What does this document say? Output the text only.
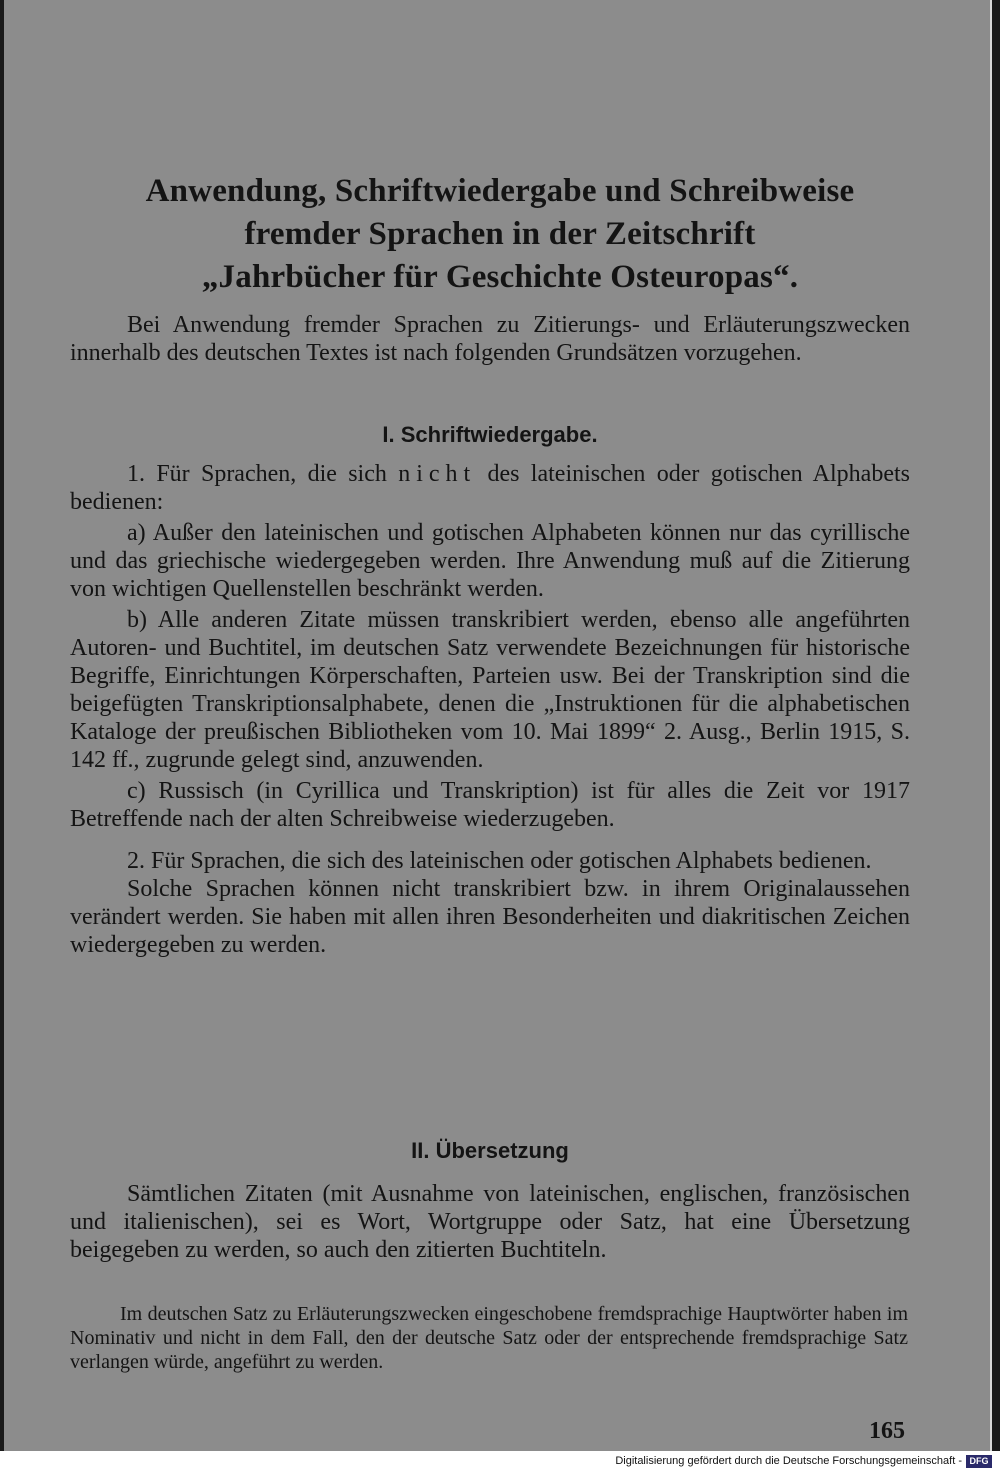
Anwendung, Schriftwiedergabe und Schreibweise
fremder Sprachen in der Zeitschrift
„Jahrbücher für Geschichte Osteuropas“.

Bei Anwendung fremder Sprachen zu Zitierungs- und Erläuterungszwecken innerhalb des deutschen Textes ist nach folgenden Grundsätzen vorzugehen.

I. Schriftwiedergabe.

1. Für Sprachen, die sich nicht des lateinischen oder gotischen Alphabets bedienen:

a) Außer den lateinischen und gotischen Alphabeten können nur das cyrillische und das griechische wiedergegeben werden. Ihre Anwendung muß auf die Zitierung von wichtigen Quellenstellen beschränkt werden.

b) Alle anderen Zitate müssen transkribiert werden, ebenso alle angeführten Autoren- und Buchtitel, im deutschen Satz verwendete Bezeichnungen für historische Begriffe, Einrichtungen Körperschaften, Parteien usw. Bei der Transkription sind die beigefügten Transkriptionsalphabete, denen die „Instruktionen für die alphabetischen Kataloge der preußischen Bibliotheken vom 10. Mai 1899“ 2. Ausg., Berlin 1915, S. 142 ff., zugrunde gelegt sind, anzuwenden.

c) Russisch (in Cyrillica und Transkription) ist für alles die Zeit vor 1917 Betreffende nach der alten Schreibweise wiederzugeben.

2. Für Sprachen, die sich des lateinischen oder gotischen Alphabets bedienen.

Solche Sprachen können nicht transkribiert bzw. in ihrem Originalaussehen verändert werden. Sie haben mit allen ihren Besonderheiten und diakritischen Zeichen wiedergegeben zu werden.

II. Übersetzung

Sämtlichen Zitaten (mit Ausnahme von lateinischen, englischen, französischen und italienischen), sei es Wort, Wortgruppe oder Satz, hat eine Übersetzung beigegeben zu werden, so auch den zitierten Buchtiteln.

Im deutschen Satz zu Erläuterungszwecken eingeschobene fremdsprachige Hauptwörter haben im Nominativ und nicht in dem Fall, den der deutsche Satz oder der entsprechende fremdsprachige Satz verlangen würde, angeführt zu werden.
165
Digitalisierung gefördert durch die Deutsche Forschungsgemeinschaft - DFG
